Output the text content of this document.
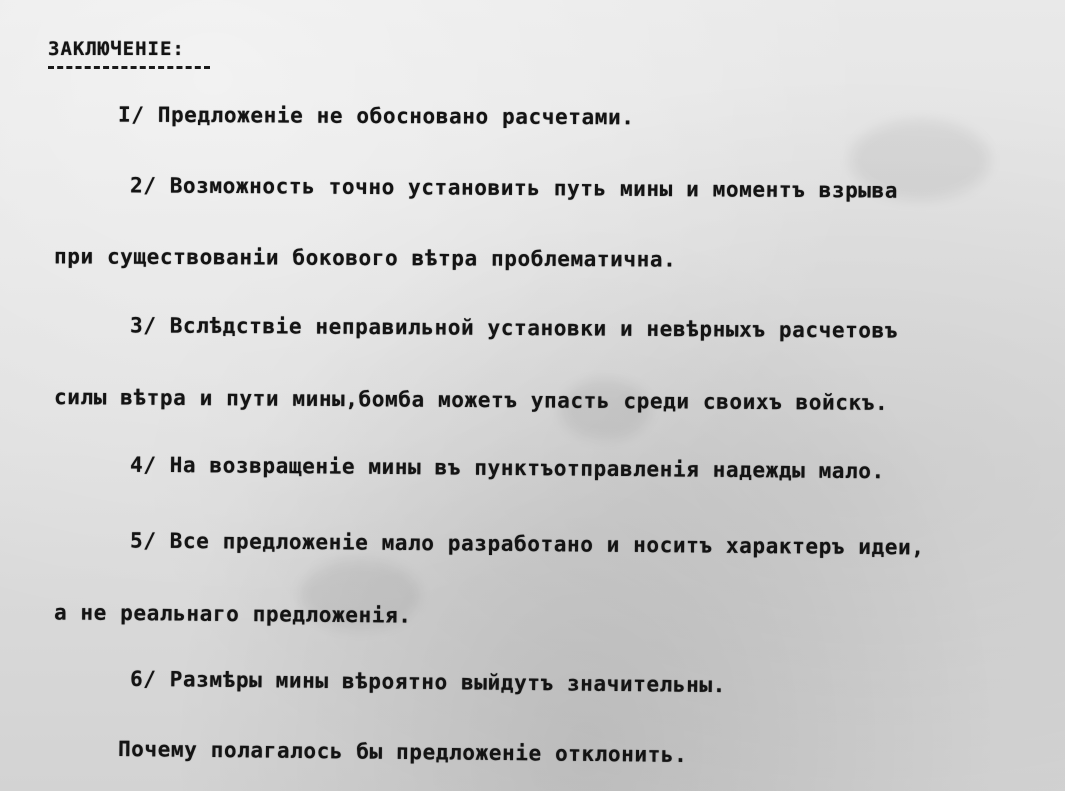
ЗАКЛЮЧЕНIЕ:
I/ Предложенiе не обосновано расчетами.
2/ Возможность точно установить путь мины и моментъ взрыва
при существованiи бокового вѣтра проблематична.
3/ Вслѣдствiе неправильной установки и невѣрныхъ расчетовъ
силы вѣтра и пути мины,бомба можетъ упасть среди своихъ войскъ.
4/ На возвращенiе мины въ пунктъотправленiя надежды мало.
5/ Все предложенiе мало разработано и носитъ характеръ идеи,
а не реальнаго предложенiя.
6/ Размѣры мины вѣроятно выйдутъ значительны.
Почему полагалось бы предложенiе отклонить.
